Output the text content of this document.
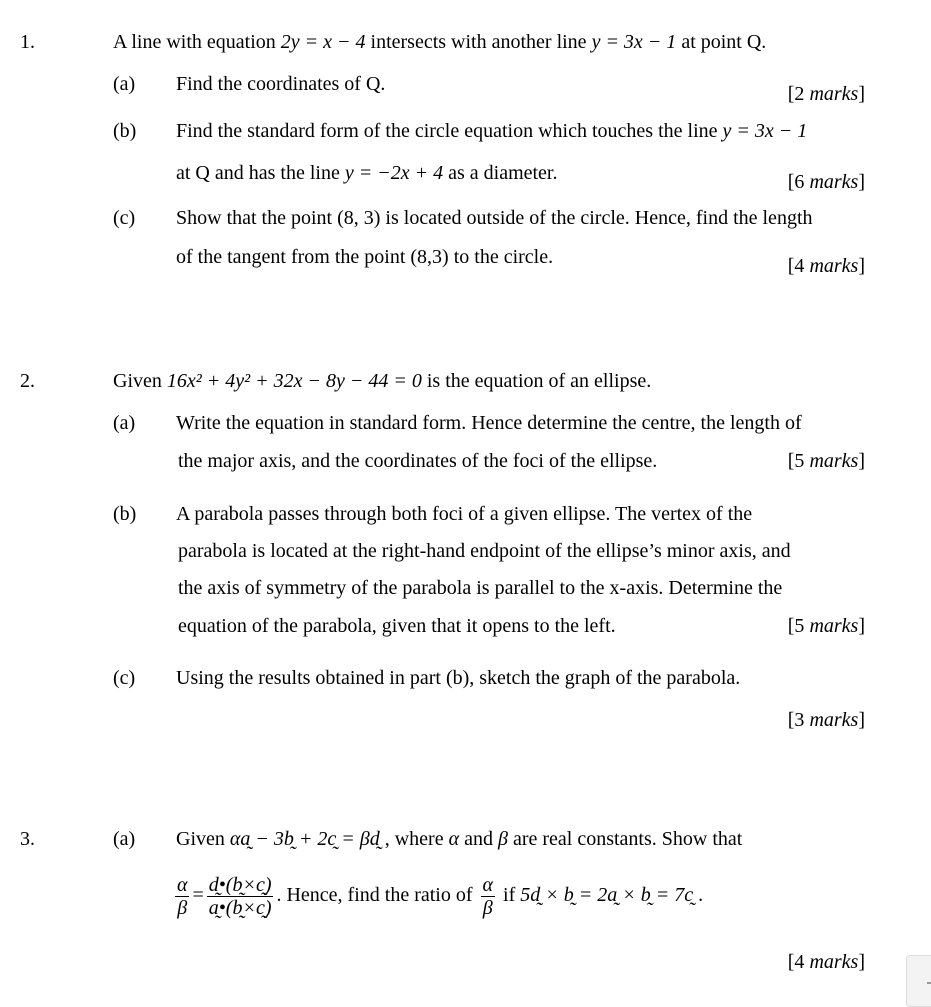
1.	A line with equation 2y = x − 4 intersects with another line y = 3x − 1 at point Q.
(a) Find the coordinates of Q.	[2 marks]
(b) Find the standard form of the circle equation which touches the line y = 3x − 1
at Q and has the line y = −2x + 4 as a diameter.	[6 marks]
(c) Show that the point (8, 3) is located outside of the circle. Hence, find the length
of the tangent from the point (8,3) to the circle.	[4 marks]
2.	Given 16x² + 4y² + 32x − 8y − 44 = 0 is the equation of an ellipse.
(a) Write the equation in standard form. Hence determine the centre, the length of
the major axis, and the coordinates of the foci of the ellipse.	[5 marks]
(b) A parabola passes through both foci of a given ellipse. The vertex of the
parabola is located at the right-hand endpoint of the ellipse’s minor axis, and
the axis of symmetry of the parabola is parallel to the x-axis. Determine the
equation of the parabola, given that it opens to the left.	[5 marks]
(c) Using the results obtained in part (b), sketch the graph of the parabola.
[3 marks]
3.	(a) Given αa̰ − 3b̰ + 2c̰ = βd̰ , where α and β are real constants. Show that
$\frac{\alpha}{\beta} = \frac{d̰•(b̰\times c̰)}{a̰•(b̰\times c̰)}$ . Hence, find the ratio of $\frac{\alpha}{\beta}$ if 5d̰ × b̰ = 2a̰ × b̰ = 7c̰ .
[4 marks]
